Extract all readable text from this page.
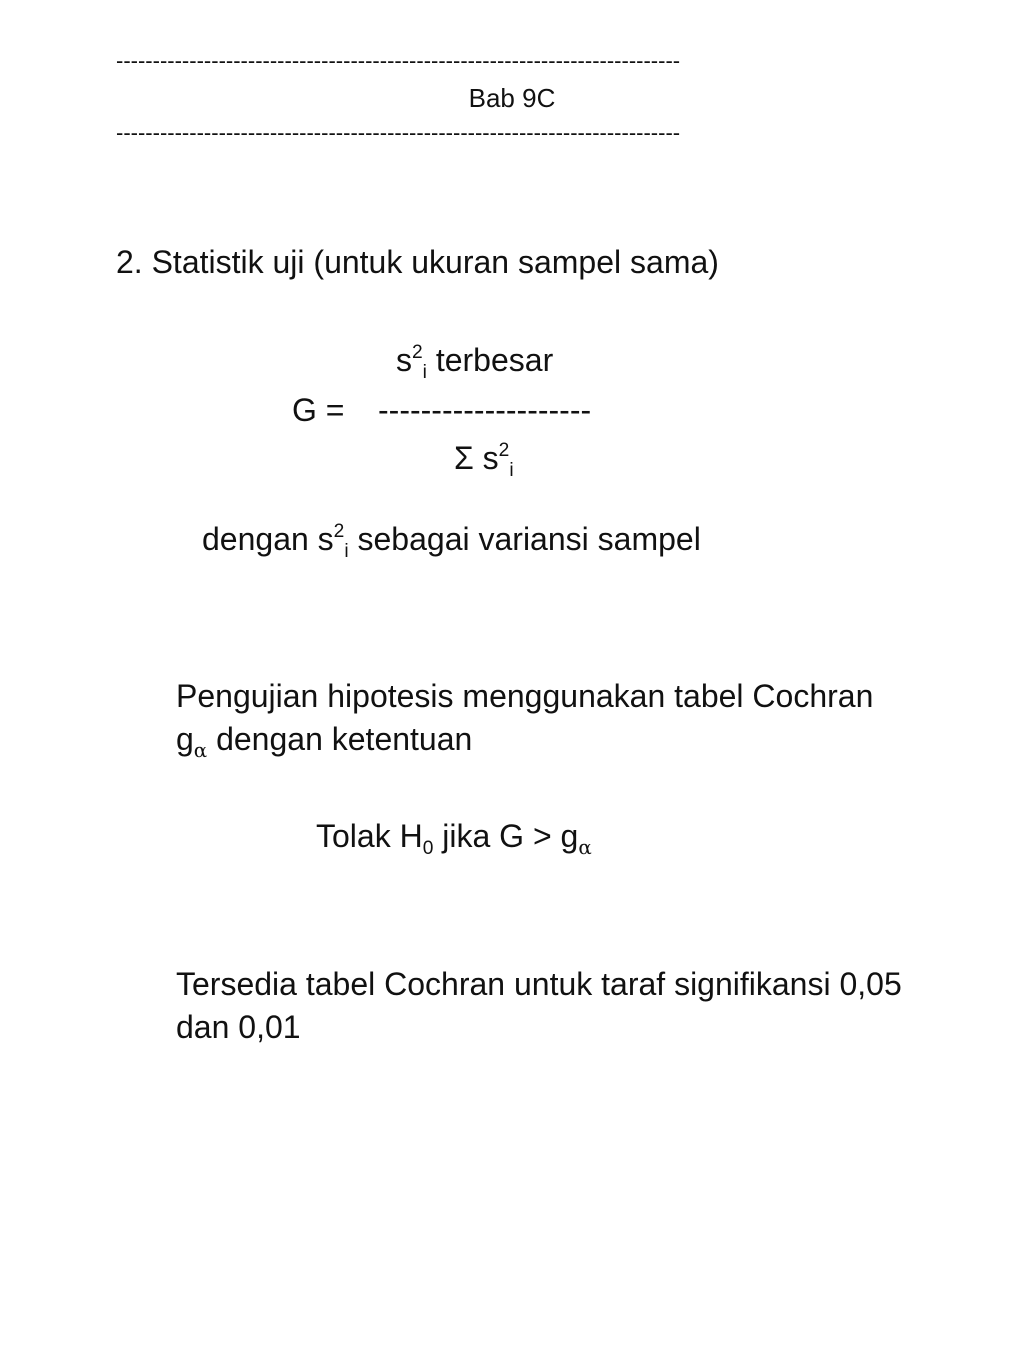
-----------------------------------------------------------------------------
Bab 9C
-----------------------------------------------------------------------------
2. Statistik uji (untuk ukuran sampel sama)
$s^2_i$ terbesar
G = --------------------
Σ $s^2_i$
dengan $s^2_i$ sebagai variansi sampel
Pengujian hipotesis menggunakan tabel Cochran
$g_\alpha$ dengan ketentuan
Tolak $H_0$ jika $G > g_\alpha$
Tersedia tabel Cochran untuk taraf signifikansi 0,05
dan 0,01
